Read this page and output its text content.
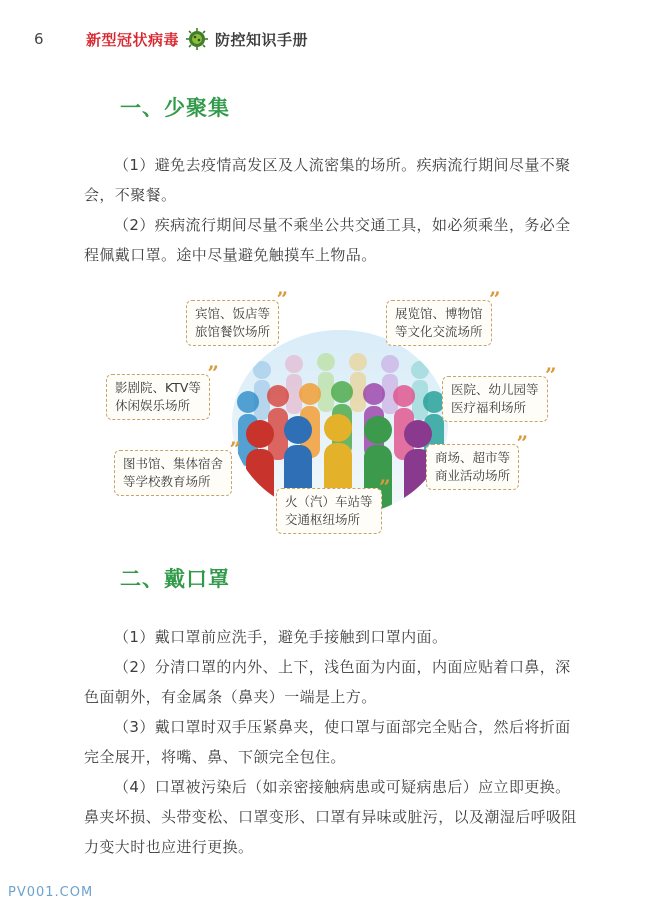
6	新型冠状病毒 防控知识手册
一、少聚集

（1）避免去疫情高发区及人流密集的场所。疾病流行期间尽量不聚会，不聚餐。

（2）疾病流行期间尽量不乘坐公共交通工具，如必须乘坐，务必全程佩戴口罩。途中尽量避免触摸车上物品。

宾馆、饭店等
旅馆餐饮场所
”
展览馆、博物馆
等文化交流场所
”
影剧院、KTV等
休闲娱乐场所
”
医院、幼儿园等
医疗福利场所
”
图书馆、集体宿舍
等学校教育场所
”	商场、超市等
商业活动场所
”
火（汽）车站等
交通枢纽场所
”
二、戴口罩

（1）戴口罩前应洗手，避免手接触到口罩内面。

（2）分清口罩的内外、上下，浅色面为内面，内面应贴着口鼻，深色面朝外，有金属条（鼻夹）一端是上方。

（3）戴口罩时双手压紧鼻夹，使口罩与面部完全贴合，然后将折面完全展开，将嘴、鼻、下颌完全包住。

（4）口罩被污染后（如亲密接触病患或可疑病患后）应立即更换。鼻夹坏损、头带变松、口罩变形、口罩有异味或脏污，以及潮湿后呼吸阻力变大时也应进行更换。

PV001.COM
